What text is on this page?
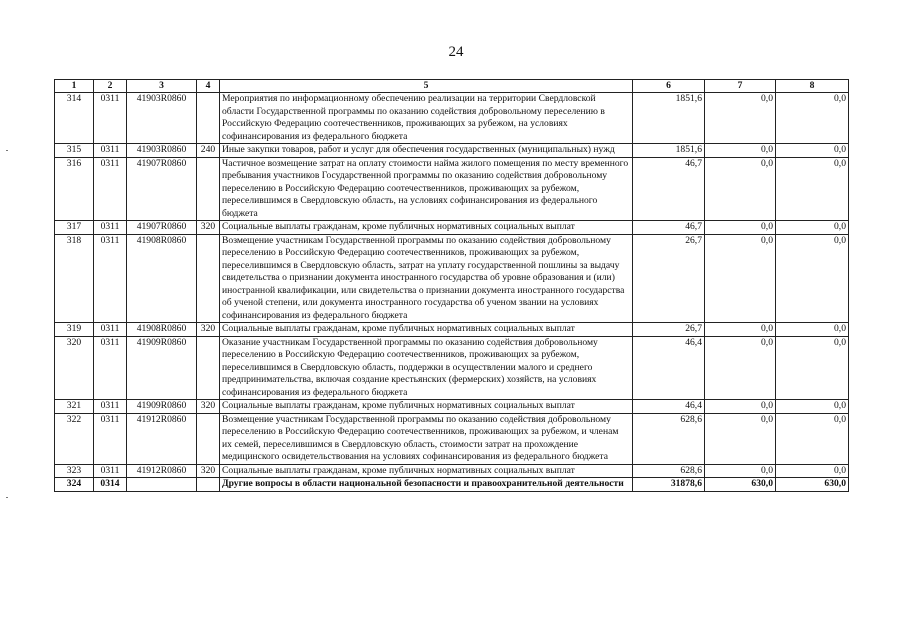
24
1	2	3	4	5	6	7	8
314	0311	41903R0860		Мероприятия по информационному обеспечению реализации на территории Свердловской области Государственной программы по оказанию содействия добровольному переселению в Российскую Федерацию соотечественников, проживающих за рубежом, на условиях софинансирования из федерального бюджета	1851,6	0,0	0,0
315	0311	41903R0860	240	Иные закупки товаров, работ и услуг для обеспечения государственных (муниципальных) нужд	1851,6	0,0	0,0
316	0311	41907R0860		Частичное возмещение затрат на оплату стоимости найма жилого помещения по месту временного пребывания участников Государственной программы по оказанию содействия добровольному переселению в Российскую Федерацию соотечественников, проживающих за рубежом, переселившимся в Свердловскую область, на условиях софинансирования из федерального бюджета	46,7	0,0	0,0
317	0311	41907R0860	320	Социальные выплаты гражданам, кроме публичных нормативных социальных выплат	46,7	0,0	0,0
318	0311	41908R0860		Возмещение участникам Государственной программы по оказанию содействия добровольному переселению в Российскую Федерацию соотечественников, проживающих за рубежом, переселившимся в Свердловскую область, затрат на уплату государственной пошлины за выдачу свидетельства о признании документа иностранного государства об уровне образования и (или) иностранной квалификации, или свидетельства о признании документа иностранного государства об ученой степени, или документа иностранного государства об ученом звании на условиях софинансирования из федерального бюджета	26,7	0,0	0,0
319	0311	41908R0860	320	Социальные выплаты гражданам, кроме публичных нормативных социальных выплат	26,7	0,0	0,0
320	0311	41909R0860		Оказание участникам Государственной программы по оказанию содействия добровольному переселению в Российскую Федерацию соотечественников, проживающих за рубежом, переселившимся в Свердловскую область, поддержки в осуществлении малого и среднего предпринимательства, включая создание крестьянских (фермерских) хозяйств, на условиях софинансирования из федерального бюджета	46,4	0,0	0,0
321	0311	41909R0860	320	Социальные выплаты гражданам, кроме публичных нормативных социальных выплат	46,4	0,0	0,0
322	0311	41912R0860		Возмещение участникам Государственной программы по оказанию содействия добровольному переселению в Российскую Федерацию соотечественников, проживающих за рубежом, и членам их семей, переселившимся в Свердловскую область, стоимости затрат на прохождение медицинского освидетельствования на условиях софинансирования из федерального бюджета	628,6	0,0	0,0
323	0311	41912R0860	320	Социальные выплаты гражданам, кроме публичных нормативных социальных выплат	628,6	0,0	0,0
324	0314			Другие вопросы в области национальной безопасности и правоохранительной деятельности	31878,6	630,0	630,0
